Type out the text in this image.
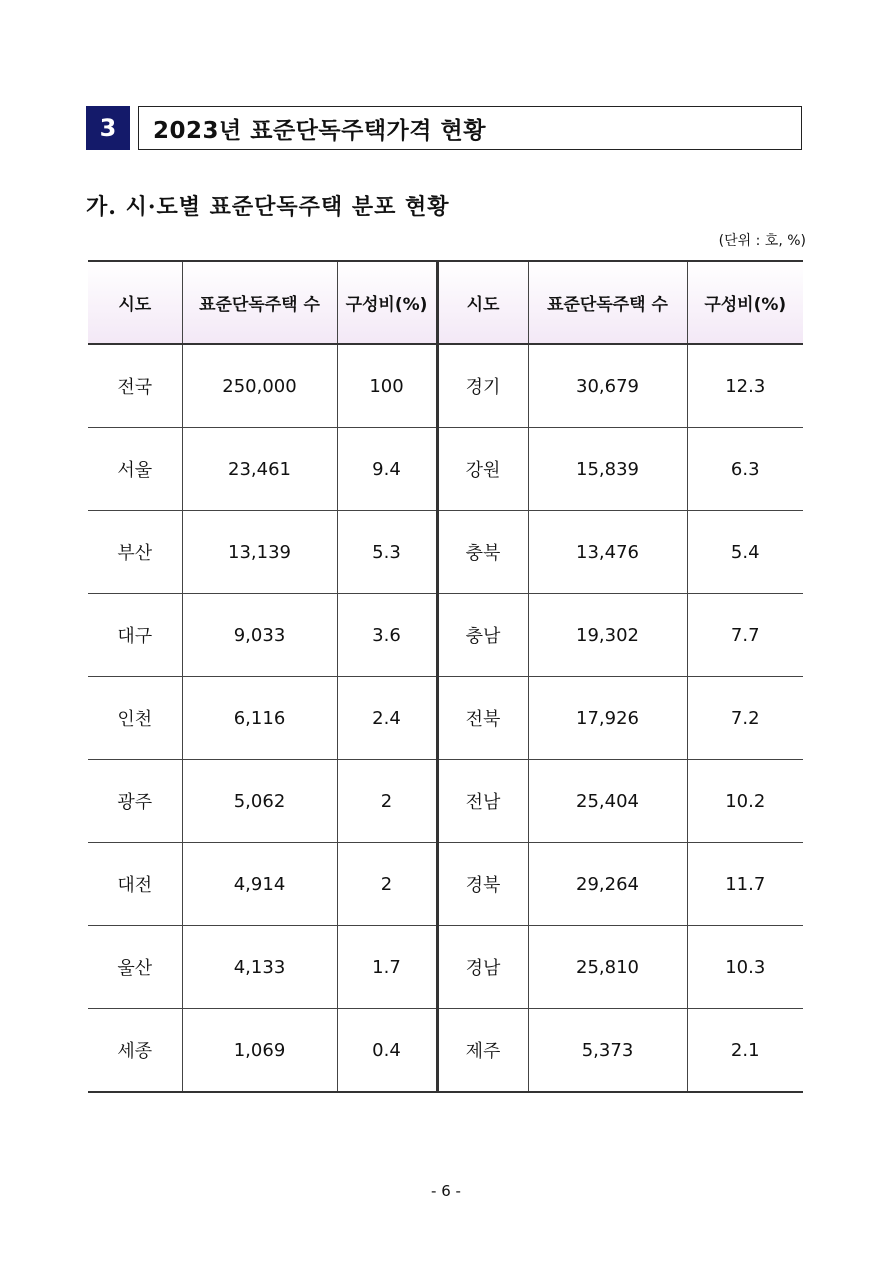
3	2023년 표준단독주택가격 현황
가. 시·도별 표준단독주택 분포 현황
(단위 : 호, %)
시도	표준단독주택 수	구성비(%)	시도	표준단독주택 수	구성비(%)
전국	250,000	100	경기	30,679	12.3
서울	23,461	9.4	강원	15,839	6.3
부산	13,139	5.3	충북	13,476	5.4
대구	9,033	3.6	충남	19,302	7.7
인천	6,116	2.4	전북	17,926	7.2
광주	5,062	2	전남	25,404	10.2
대전	4,914	2	경북	29,264	11.7
울산	4,133	1.7	경남	25,810	10.3
세종	1,069	0.4	제주	5,373	2.1
- 6 -
